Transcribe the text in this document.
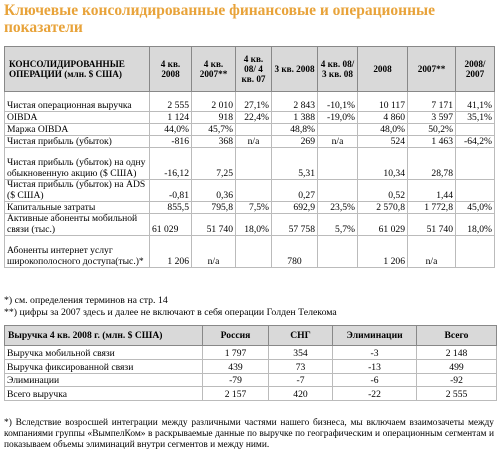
Ключевые консолидированные финансовые и операционные показатели
КОНСОЛИДИРОВАННЫЕ ОПЕРАЦИИ (млн. $ США)	4 кв. 2008	4 кв. 2007**	4 кв. 08/ 4 кв. 07	3 кв. 2008	4 кв. 08/ 3 кв. 08	2008	2007**	2008/ 2007
Чистая операционная выручка	2 555	2 010	27,1%	2 843	-10,1%	10 117	7 171	41,1%
OIBDA	1 124	918	22,4%	1 388	-19,0%	4 860	3 597	35,1%
Маржа OIBDA	44,0%	45,7%		48,8%		48,0%	50,2%	
Чистая прибыль (убыток)	-816	368	n/a	269	n/a	524	1 463	-64,2%
Чистая прибыль (убыток) на одну обыкновенную акцию ($ США)	-16,12	7,25		5,31		10,34	28,78	
Чистая прибыль (убыток) на ADS ($ США)	-0,81	0,36		0,27		0,52	1,44	
Капитальные затраты	855,5	795,8	7,5%	692,9	23,5%	2 570,8	1 772,8	45,0%
Активные абоненты мобильной связи (тыс.)	61 029	51 740	18,0%	57 758	5,7%	61 029	51 740	18,0%
Абоненты интернет услуг широкополосного доступа(тыс.)*	1 206	n/a		780		1 206	n/a	
*) см. определения терминов на стр. 14
**) цифры за 2007 здесь и далее не включают в себя операции Голден Телекома
Выручка 4 кв. 2008 г. (млн. $ США)	Россия	СНГ	Элиминации	Всего
Выручка мобильной связи	1 797	354	-3	2 148
Выручка фиксированной связи	439	73	-13	499
Элиминации	-79	-7	-6	-92
Всего выручка	2 157	420	-22	2 555
*) Вследствие возросшей интеграции между различными частями нашего бизнеса, мы включаем взаимозачеты между компаниями группы «ВымпелКом» в раскрываемые данные по выручке по географическим и операционным сегментам и показываем объемы элиминаций внутри сегментов и между ними.
